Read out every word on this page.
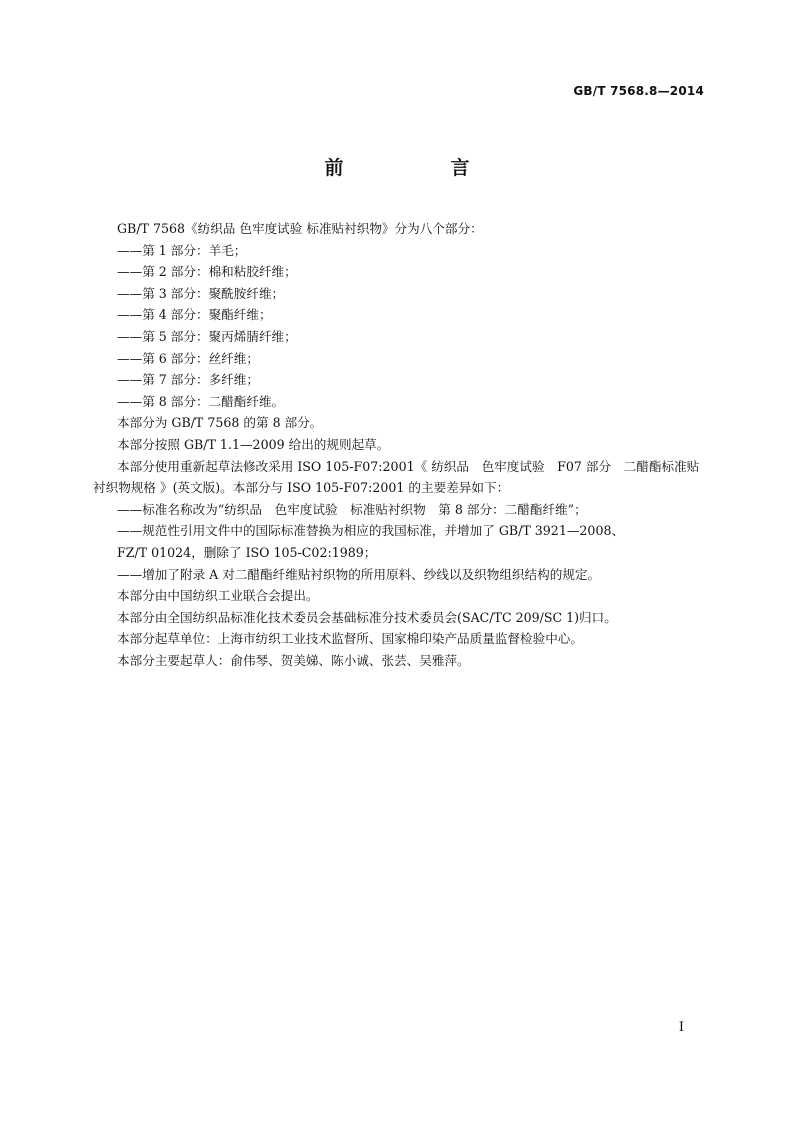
GB/T 7568.8—2014
前　言

GB/T 7568《纺织品 色牢度试验 标准贴衬织物》分为八个部分：

——第 1 部分：羊毛；

——第 2 部分：棉和粘胶纤维；

——第 3 部分：聚酰胺纤维；

——第 4 部分：聚酯纤维；

——第 5 部分：聚丙烯腈纤维；

——第 6 部分：丝纤维；

——第 7 部分：多纤维；

——第 8 部分：二醋酯纤维。

本部分为 GB/T 7568 的第 8 部分。

本部分按照 GB/T 1.1—2009 给出的规则起草。

本部分使用重新起草法修改采用 ISO 105-F07:2001《 纺织品　色牢度试验　F07 部分　二醋酯标准贴衬织物规格 》(英文版)。本部分与 ISO 105-F07:2001 的主要差异如下：

——标准名称改为“纺织品　色牢度试验　标准贴衬织物　第 8 部分：二醋酯纤维”；

——规范性引用文件中的国际标准替换为相应的我国标准，并增加了 GB/T 3921—2008、
FZ/T 01024，删除了 ISO 105-C02:1989；

——增加了附录 A 对二醋酯纤维贴衬织物的所用原料、纱线以及织物组织结构的规定。

本部分由中国纺织工业联合会提出。

本部分由全国纺织品标准化技术委员会基础标准分技术委员会(SAC/TC 209/SC 1)归口。

本部分起草单位：上海市纺织工业技术监督所、国家棉印染产品质量监督检验中心。

本部分主要起草人：俞伟琴、贺美娣、陈小诚、张芸、吴雅萍。

I
